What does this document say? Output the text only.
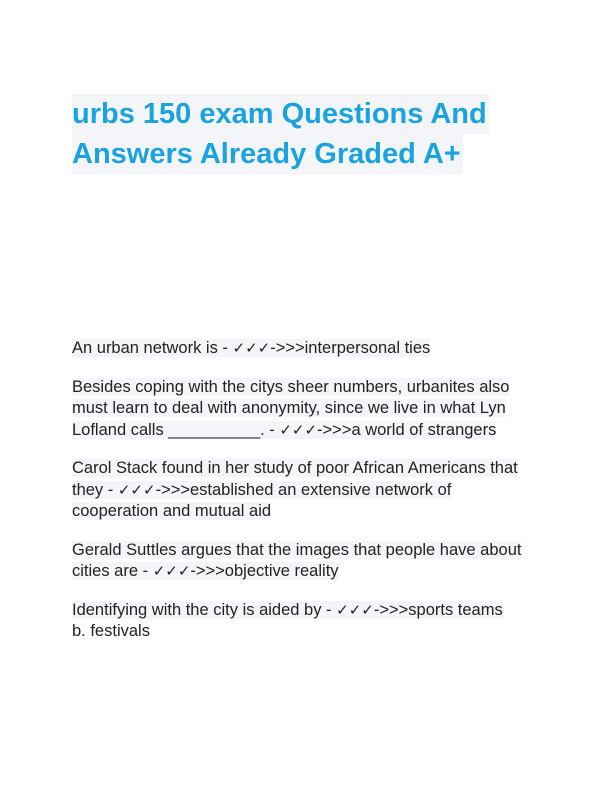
urbs 150 exam Questions And
Answers Already Graded A+
An urban network is - ✓✓✓->>>interpersonal ties
Besides coping with the citys sheer numbers, urbanites also must learn to deal with anonymity, since we live in what Lyn Lofland calls __________. - ✓✓✓->>>a world of strangers
Carol Stack found in her study of poor African Americans that they - ✓✓✓->>>established an extensive network of cooperation and mutual aid
Gerald Suttles argues that the images that people have about cities are - ✓✓✓->>>objective reality
Identifying with the city is aided by - ✓✓✓->>>sports teams
b. festivals
